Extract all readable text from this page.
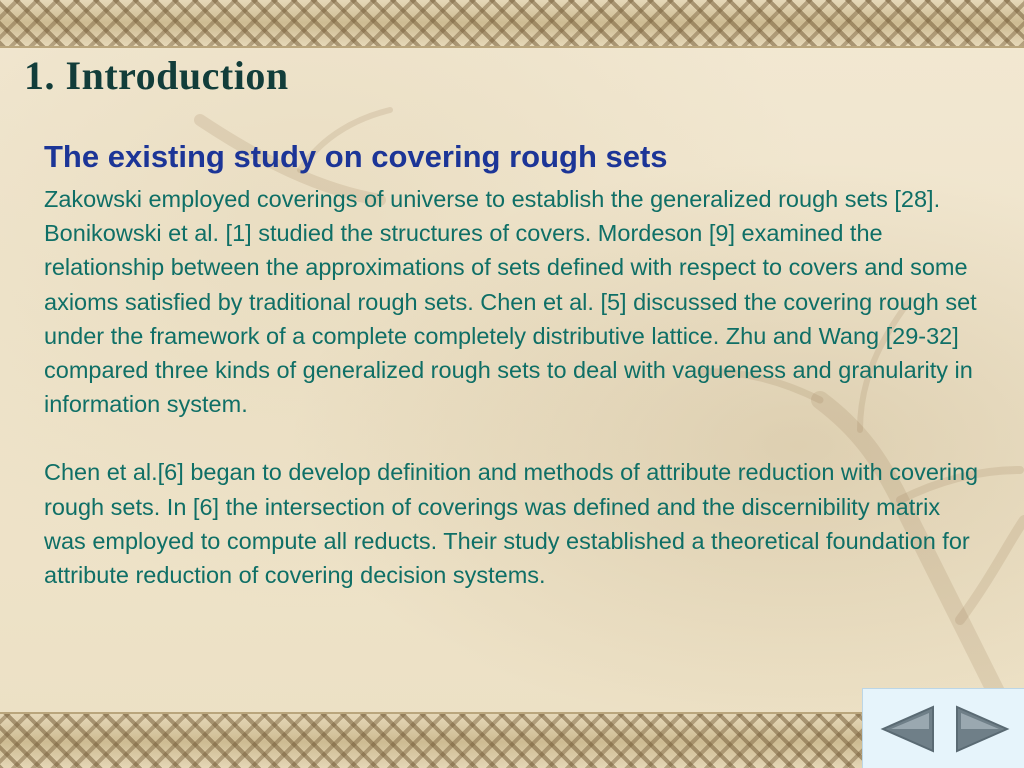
1. Introduction
The existing study on covering rough sets

Zakowski employed coverings of universe to establish the generalized rough sets [28]. Bonikowski et al. [1] studied the structures of covers. Mordeson [9] examined the relationship between the approximations of sets defined with respect to covers and some axioms satisfied by traditional rough sets. Chen et al. [5] discussed the covering rough set under the framework of a complete completely distributive lattice. Zhu and Wang [29-32] compared three kinds of generalized rough sets to deal with vagueness and granularity in information system.

Chen et al.[6] began to develop definition and methods of attribute reduction with covering rough sets. In [6] the intersection of coverings was defined and the discernibility matrix was employed to compute all reducts. Their study established a theoretical foundation for attribute reduction of covering decision systems.
